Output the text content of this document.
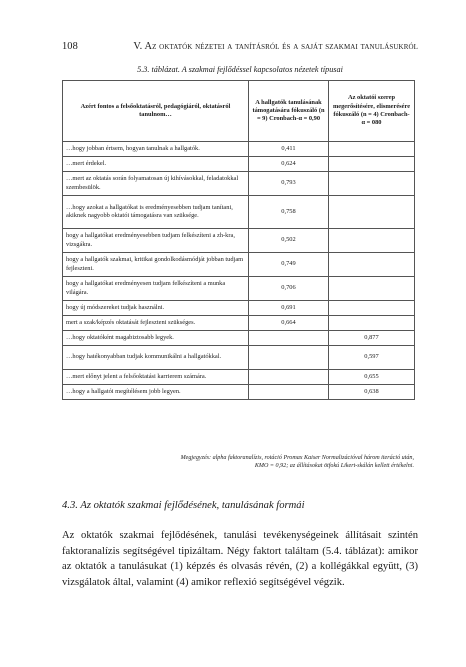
108	V. Az oktatók nézetei a tanításról és a saját szakmai tanulásukról
5.3. táblázat. A szakmai fejlődéssel kapcsolatos nézetek típusai
Azért fontos a felsőoktatásról, pedagógiáról, oktatásról tanulnom…	A hallgatók tanulásának támogatására fókuszáló (n = 9) Cronbach-α = 0,90	Az oktatói szerep megerősítésére, elismerésére fókuszáló (n = 4) Cronbach-α = 080
…hogy jobban értsem, hogyan tanulnak a hallgatók.	0,411	
…mert érdekel.	0,624	
…mert az oktatás során folyamatosan új kihívásokkal, feladatokkal szembesülök.	0,793	
…hogy azokat a hallgatókat is eredményesebben tudjam tanítani, akiknek nagyobb oktatói támogatásra van szüksége.	0,758	
hogy a hallgatókat eredményesebben tudjam felkészíteni a zh-kra, vizsgákra.	0,502	
hogy a hallgatók szakmai, kritikai gondolkodásmódját jobban tudjam fejleszteni.	0,749	
hogy a hallgatókat eredményesen tudjam felkészíteni a munka világára.	0,706	
hogy új módszereket tudjak használni.	0,691	
mert a szak/képzés oktatását fejleszteni szükséges.	0,664	
…hogy oktatóként magabiztosabb legyek.		0,877
…hogy hatékonyabban tudjak kommunikálni a hallgatókkal.		0,597
…mert előnyt jelent a felsőoktatási karrierem számára.		0,655
…hogy a hallgatói megítélésem jobb legyen.		0,638
Megjegyzés: alpha faktoranalízis, rotáció Promax Kaiser Normalizációval három iteráció után,
KMO = 0,92; az állításokat ötfokú Likert-skálán kellett értékelni.
4.3. Az oktatók szakmai fejlődésének, tanulásának formái

Az oktatók szakmai fejlődésének, tanulási tevékenységeinek állításait szintén faktoranalízis segítségével tipizáltam. Négy faktort találtam (5.4. táblázat): amikor az oktatók a tanulásukat (1) képzés és olvasás révén, (2) a kollégákkal együtt, (3) vizsgálatok által, valamint (4) amikor reflexió segítségével végzik.
